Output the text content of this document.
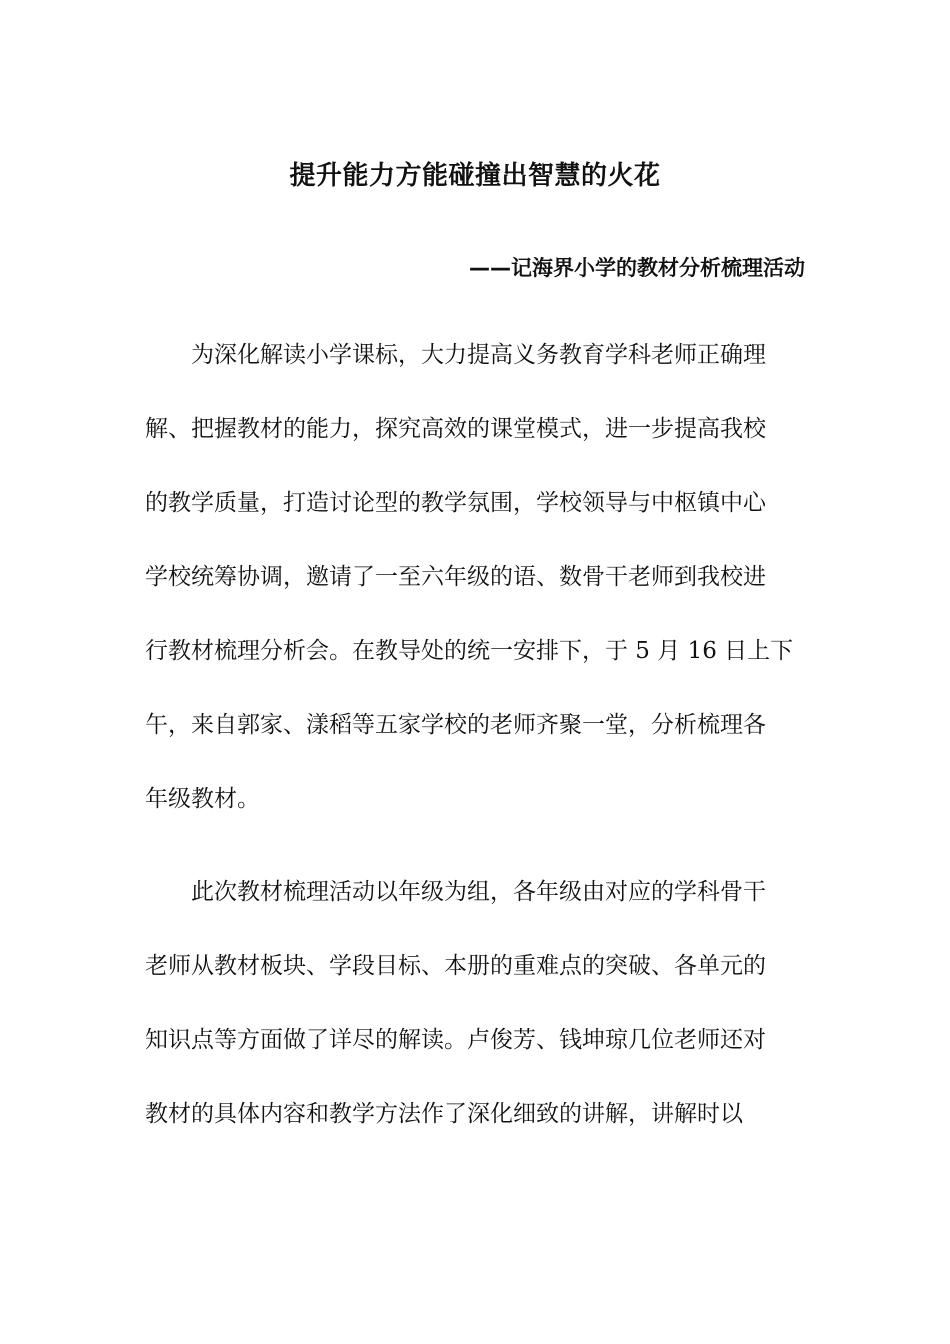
提升能力方能碰撞出智慧的火花
——记海界小学的教材分析梳理活动
为深化解读小学课标，大力提高义务教育学科老师正确理
解、把握教材的能力，探究高效的课堂模式，进一步提高我校
的教学质量，打造讨论型的教学氛围，学校领导与中枢镇中心
学校统筹协调，邀请了一至六年级的语、数骨干老师到我校进
行教材梳理分析会。在教导处的统一安排下，于 5 月 16 日上下
午，来自郭家、漾稻等五家学校的老师齐聚一堂，分析梳理各
年级教材。
此次教材梳理活动以年级为组，各年级由对应的学科骨干
老师从教材板块、学段目标、本册的重难点的突破、各单元的
知识点等方面做了详尽的解读。卢俊芳、钱坤琼几位老师还对
教材的具体内容和教学方法作了深化细致的讲解，讲解时以
